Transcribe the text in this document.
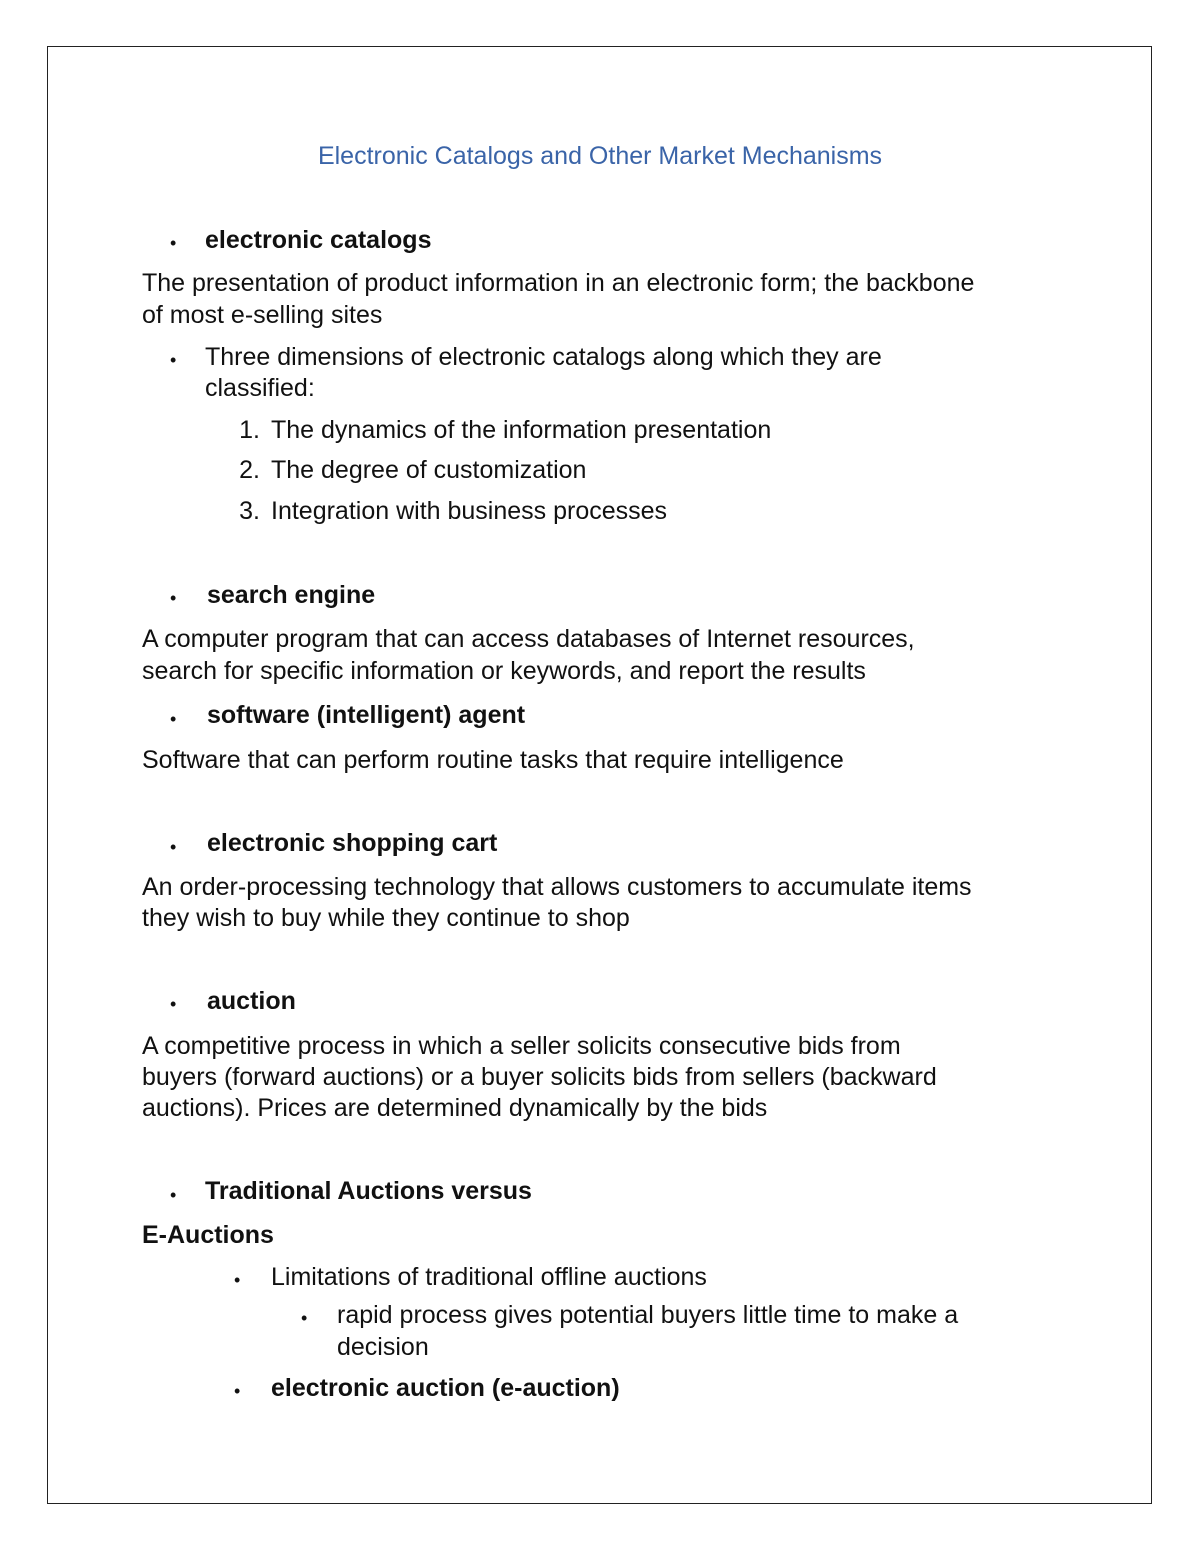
Electronic Catalogs and Other Market Mechanisms
• electronic catalogs

The presentation of product information in an electronic form; the backbone

of most e-selling sites

• Three dimensions of electronic catalogs along which they are

classified:

1. The dynamics of the information presentation

2. The degree of customization

3. Integration with business processes

• search engine

A computer program that can access databases of Internet resources,

search for specific information or keywords, and report the results

• software (intelligent) agent

Software that can perform routine tasks that require intelligence

• electronic shopping cart

An order-processing technology that allows customers to accumulate items

they wish to buy while they continue to shop

• auction

A competitive process in which a seller solicits consecutive bids from

buyers (forward auctions) or a buyer solicits bids from sellers (backward

auctions). Prices are determined dynamically by the bids

• Traditional Auctions versus

E-Auctions

• Limitations of traditional offline auctions

• rapid process gives potential buyers little time to make a

decision

• electronic auction (e-auction)
